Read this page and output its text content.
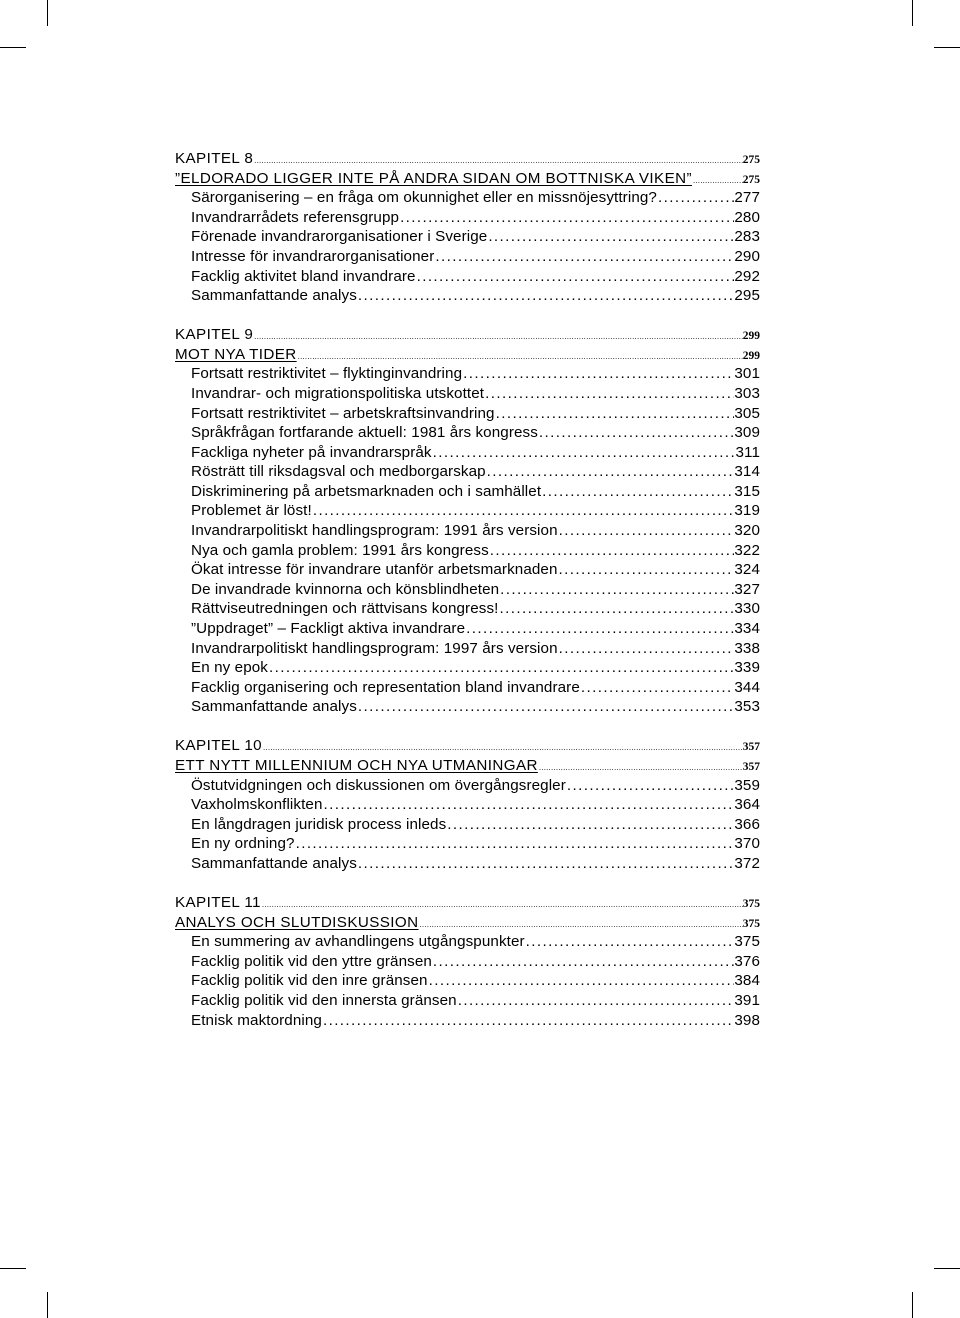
KAPITEL 8 .....	275
”ELDORADO LIGGER INTE PÅ ANDRA SIDAN OM BOTTNISKA VIKEN” .....	275
Särorganisering – en fråga om okunnighet eller en missnöjesyttring? .....	277
Invandrarrådets referensgrupp .....	280
Förenade invandrarorganisationer i Sverige .....	283
Intresse för invandrarorganisationer .....	290
Facklig aktivitet bland invandrare .....	292
Sammanfattande analys .....	295
KAPITEL 9 .....	299
MOT NYA TIDER .....	299
Fortsatt restriktivitet – flyktinginvandring .....	301
Invandrar- och migrationspolitiska utskottet .....	303
Fortsatt restriktivitet – arbetskraftsinvandring .....	305
Språkfrågan fortfarande aktuell: 1981 års kongress .....	309
Fackliga nyheter på invandrarspråk .....	311
Rösträtt till riksdagsval och medborgarskap .....	314
Diskriminering på arbetsmarknaden och i samhället .....	315
Problemet är löst! .....	319
Invandrarpolitiskt handlingsprogram: 1991 års version .....	320
Nya och gamla problem: 1991 års kongress .....	322
Ökat intresse för invandrare utanför arbetsmarknaden .....	324
De invandrade kvinnorna och könsblindheten .....	327
Rättviseutredningen och rättvisans kongress! .....	330
”Uppdraget” – Fackligt aktiva invandrare .....	334
Invandrarpolitiskt handlingsprogram: 1997 års version .....	338
En ny epok .....	339
Facklig organisering och representation bland invandrare .....	344
Sammanfattande analys .....	353
KAPITEL 10 .....	357
ETT NYTT MILLENNIUM OCH NYA UTMANINGAR .....	357
Östutvidgningen och diskussionen om övergångsregler .....	359
Vaxholmskonflikten .....	364
En långdragen juridisk process inleds .....	366
En ny ordning? .....	370
Sammanfattande analys .....	372
KAPITEL 11 .....	375
ANALYS OCH SLUTDISKUSSION .....	375
En summering av avhandlingens utgångspunkter .....	375
Facklig politik vid den yttre gränsen .....	376
Facklig politik vid den inre gränsen .....	384
Facklig politik vid den innersta gränsen .....	391
Etnisk maktordning .....	398
